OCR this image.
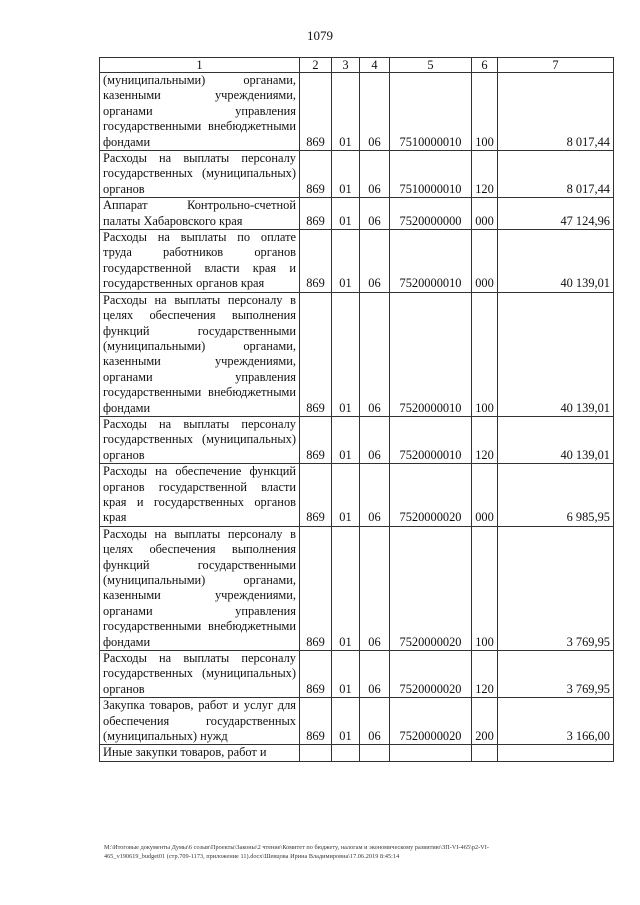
1079
1	2	3	4	5	6	7
(муниципальными) органами, казенными учреждениями, органами управления государственными внебюджетными фондами	869	01	06	7510000010	100	8 017,44
Расходы на выплаты персоналу государственных (муниципальных) органов	869	01	06	7510000010	120	8 017,44
Аппарат Контрольно-счетной палаты Хабаровского края	869	01	06	7520000000	000	47 124,96
Расходы на выплаты по оплате труда работников органов государственной власти края и государственных органов края	869	01	06	7520000010	000	40 139,01
Расходы на выплаты персоналу в целях обеспечения выполнения функций государственными (муниципальными) органами, казенными учреждениями, органами управления государственными внебюджетными фондами	869	01	06	7520000010	100	40 139,01
Расходы на выплаты персоналу государственных (муниципальных) органов	869	01	06	7520000010	120	40 139,01
Расходы на обеспечение функций органов государственной власти края и государственных органов края	869	01	06	7520000020	000	6 985,95
Расходы на выплаты персоналу в целях обеспечения выполнения функций государственными (муниципальными) органами, казенными учреждениями, органами управления государственными внебюджетными фондами	869	01	06	7520000020	100	3 769,95
Расходы на выплаты персоналу государственных (муниципальных) органов	869	01	06	7520000020	120	3 769,95
Закупка товаров, работ и услуг для обеспечения государственных (муниципальных) нужд	869	01	06	7520000020	200	3 166,00
Иные закупки товаров, работ и						
M:\Итоговые документы Думы\6 созыв\Проекты\Законы\2 чтение\Комитет по бюджету, налогам и экономическому развитию\ЗП-VI-465\р2-VI-
465_v190619_budget01 (стр.709-1173, приложение 11).docx\Шевцова Ирина Владимировна\17.06.2019 8:45:14
